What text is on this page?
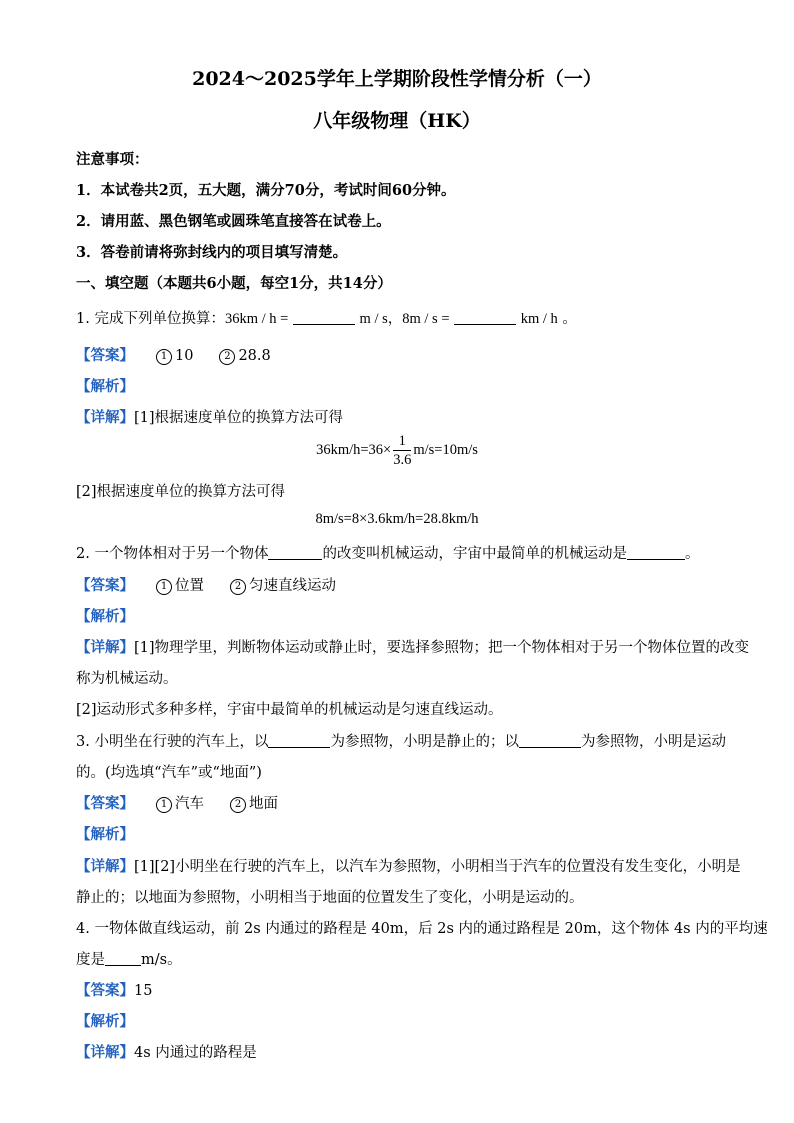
2024～2025学年上学期阶段性学情分析（一）
八年级物理（HK）
注意事项：
1．本试卷共2页，五大题，满分70分，考试时间60分钟。
2．请用蓝、黑色钢笔或圆珠笔直接答在试卷上。
3．答卷前请将弥封线内的项目填写清楚。
一、填空题（本题共6小题，每空1分，共14分）
1. 完成下列单位换算：36km / h =	m / s，8m / s =	km / h 。
【答案】	1 10	2 28.8
【解析】
【详解】[1]根据速度单位的换算方法可得
$36km/h=36\times \frac{1}{3.6} m/s=10m/s$
[2]根据速度单位的换算方法可得
8m/s=8×3.6km/h=28.8km/h
2. 一个物体相对于另一个物体	的改变叫机械运动，宇宙中最简单的机械运动是	。
【答案】	1 位置	2 匀速直线运动
【解析】
【详解】[1]物理学里，判断物体运动或静止时，要选择参照物；把一个物体相对于另一个物体位置的改变
称为机械运动。
[2]运动形式多种多样，宇宙中最简单的机械运动是匀速直线运动。
3. 小明坐在行驶的汽车上，以	为参照物，小明是静止的；以	为参照物，小明是运动
的。(均选填“汽车”或“地面”)
【答案】	1 汽车	2 地面
【解析】
【详解】[1][2]小明坐在行驶的汽车上，以汽车为参照物，小明相当于汽车的位置没有发生变化，小明是
静止的；以地面为参照物，小明相当于地面的位置发生了变化，小明是运动的。
4. 一物体做直线运动，前 2s 内通过的路程是 40m，后 2s 内的通过路程是 20m，这个物体 4s 内的平均速
度是 m/s。
【答案】15
【解析】
【详解】4s 内通过的路程是
